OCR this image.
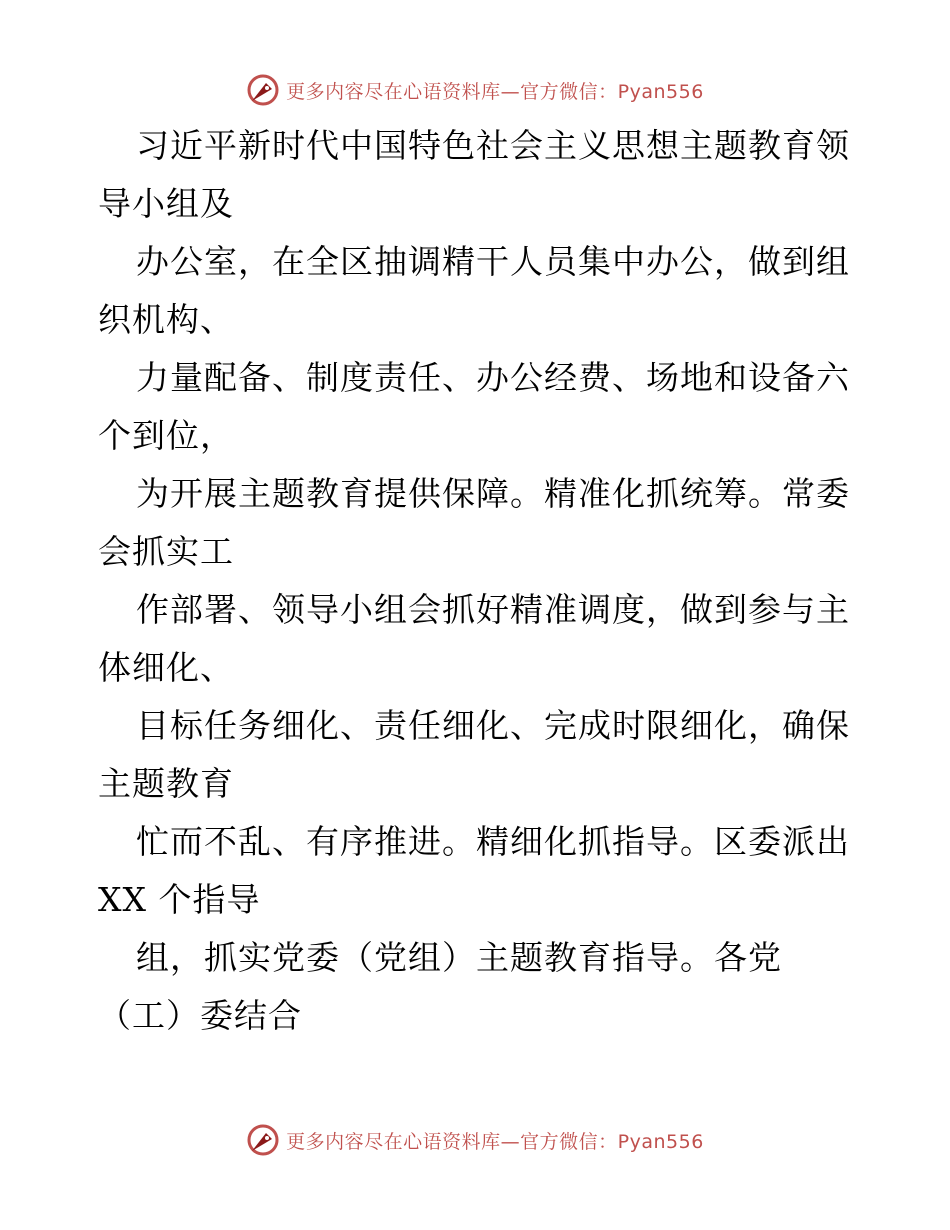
更多内容尽在心语资料库—官方微信：Pyan556
习近平新时代中国特色社会主义思想主题教育领
导小组及
办公室，在全区抽调精干人员集中办公，做到组
织机构、
力量配备、制度责任、办公经费、场地和设备六
个到位，
为开展主题教育提供保障。精准化抓统筹。常委
会抓实工
作部署、领导小组会抓好精准调度，做到参与主
体细化、
目标任务细化、责任细化、完成时限细化，确保
主题教育
忙而不乱、有序推进。精细化抓指导。区委派出
XX 个指导
组，抓实党委（党组）主题教育指导。各党
（工）委结合
更多内容尽在心语资料库—官方微信：Pyan556
